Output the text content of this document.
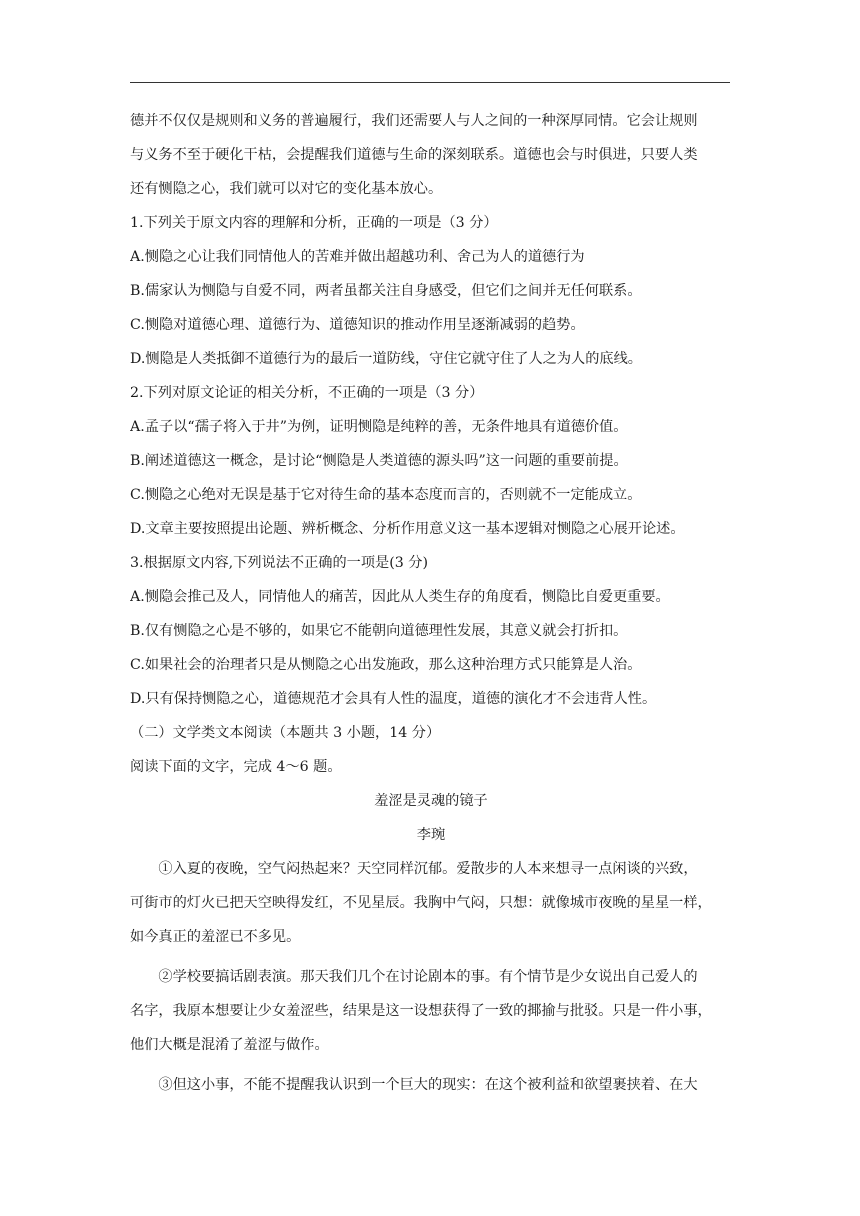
德并不仅仅是规则和义务的普遍履行，我们还需要人与人之间的一种深厚同情。它会让规则
与义务不至于硬化干枯，会提醒我们道德与生命的深刻联系。道德也会与时俱进，只要人类
还有恻隐之心，我们就可以对它的变化基本放心。
1.下列关于原文内容的理解和分析，正确的一项是（3 分）
A.恻隐之心让我们同情他人的苦难并做出超越功利、舍己为人的道德行为
B.儒家认为恻隐与自爱不同，两者虽都关注自身感受，但它们之间并无任何联系。
C.恻隐对道德心理、道德行为、道德知识的推动作用呈逐渐减弱的趋势。
D.恻隐是人类抵御不道德行为的最后一道防线，守住它就守住了人之为人的底线。
2.下列对原文论证的相关分析，不正确的一项是（3 分）
A.孟子以“孺子将入于井”为例，证明恻隐是纯粹的善，无条件地具有道德价值。
B.阐述道德这一概念，是讨论“恻隐是人类道德的源头吗”这一问题的重要前提。
C.恻隐之心绝对无误是基于它对待生命的基本态度而言的，否则就不一定能成立。
D.文章主要按照提出论题、辨析概念、分析作用意义这一基本逻辑对恻隐之心展开论述。
3.根据原文内容,下列说法不正确的一项是(3 分)
A.恻隐会推己及人，同情他人的痛苦，因此从人类生存的角度看，恻隐比自爱更重要。
B.仅有恻隐之心是不够的，如果它不能朝向道德理性发展，其意义就会打折扣。
C.如果社会的治理者只是从恻隐之心出发施政，那么这种治理方式只能算是人治。
D.只有保持恻隐之心，道德规范才会具有人性的温度，道德的演化才不会违背人性。
（二）文学类文本阅读（本题共 3 小题，14 分）
阅读下面的文字，完成 4～6 题。
羞涩是灵魂的镜子
李琬
①入夏的夜晚，空气闷热起来？天空同样沉郁。爱散步的人本来想寻一点闲谈的兴致，
可街市的灯火已把天空映得发红，不见星辰。我胸中气闷，只想：就像城市夜晚的星星一样，
如今真正的羞涩已不多见。
②学校要搞话剧表演。那天我们几个在讨论剧本的事。有个情节是少女说出自己爱人的
名字，我原本想要让少女羞涩些，结果是这一设想获得了一致的揶揄与批驳。只是一件小事，
他们大概是混淆了羞涩与做作。
③但这小事，不能不提醒我认识到一个巨大的现实：在这个被利益和欲望裹挟着、在大
